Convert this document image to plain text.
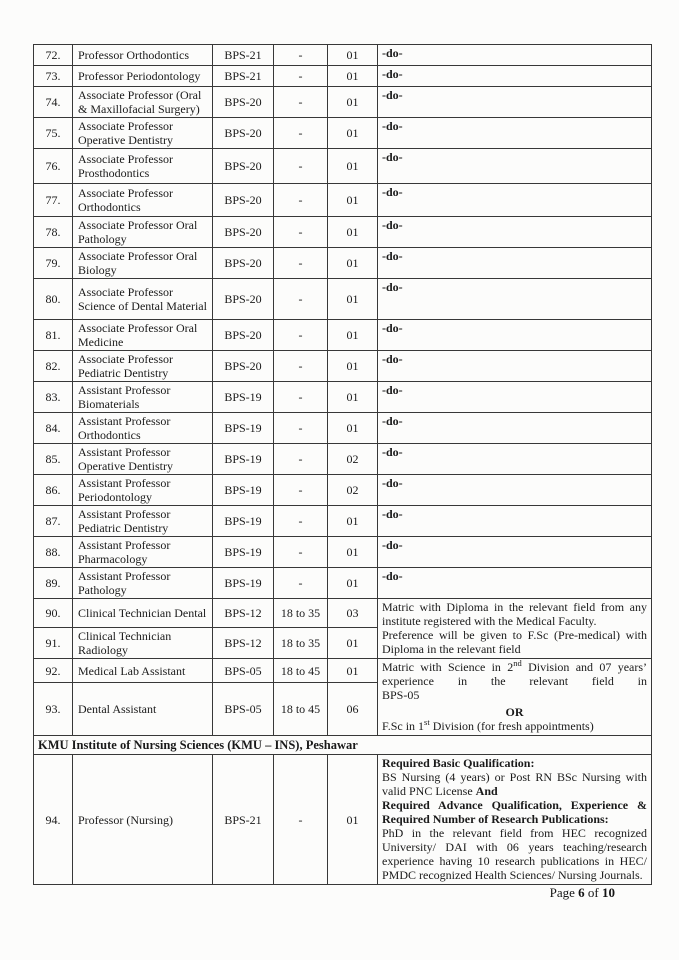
72.	Professor Orthodontics	BPS-21	-	01	-do-

73.	Professor Periodontology	BPS-21	-	01	-do-

74.	Associate Professor (Oral & Maxillofacial Surgery)	BPS-20	-	01	-do-

75.	Associate Professor Operative Dentistry	BPS-20	-	01	-do-

76.	Associate Professor Prosthodontics	BPS-20	-	01	-do-

77.	Associate Professor Orthodontics	BPS-20	-	01	-do-

78.	Associate Professor Oral Pathology	BPS-20	-	01	-do-

79.	Associate Professor Oral Biology	BPS-20	-	01	-do-

80.	Associate Professor Science of Dental Material	BPS-20	-	01	-do-

81.	Associate Professor Oral Medicine	BPS-20	-	01	-do-

82.	Associate Professor Pediatric Dentistry	BPS-20	-	01	-do-

83.	Assistant Professor Biomaterials	BPS-19	-	01	-do-

84.	Assistant Professor Orthodontics	BPS-19	-	01	-do-

85.	Assistant Professor Operative Dentistry	BPS-19	-	02	-do-

86.	Assistant Professor Periodontology	BPS-19	-	02	-do-

87.	Assistant Professor Pediatric Dentistry	BPS-19	-	01	-do-

88.	Assistant Professor Pharmacology	BPS-19	-	01	-do-

89.	Assistant Professor Pathology	BPS-19	-	01	-do-

90.	Clinical Technician Dental	BPS-12	18 to 35	03	Matric with Diploma in the relevant field from any institute registered with the Medical Faculty.
Preference will be given to F.Sc (Pre-medical) with Diploma in the relevant field

91.	Clinical Technician Radiology	BPS-12	18 to 35	01	
92.	Medical Lab Assistant	BPS-05	18 to 45	01	Matric with Science in 2nd Division and 07 years’ experience in the relevant field in
BPS-05
OR
F.Sc in 1st Division (for fresh appointments)

93.	Dental Assistant	BPS-05	18 to 45	06	
KMU Institute of Nursing Sciences (KMU – INS), Peshawar					
94.	Professor (Nursing)	BPS-21	-	01	Required Basic Qualification:
BS Nursing (4 years) or Post RN BSc Nursing with valid PNC License And
Required Advance Qualification, Experience & Required Number of Research Publications:
PhD in the relevant field from HEC recognized University/ DAI with 06 years teaching/research experience having 10 research publications in HEC/ PMDC recognized Health Sciences/ Nursing Journals.
Page 6 of 10
